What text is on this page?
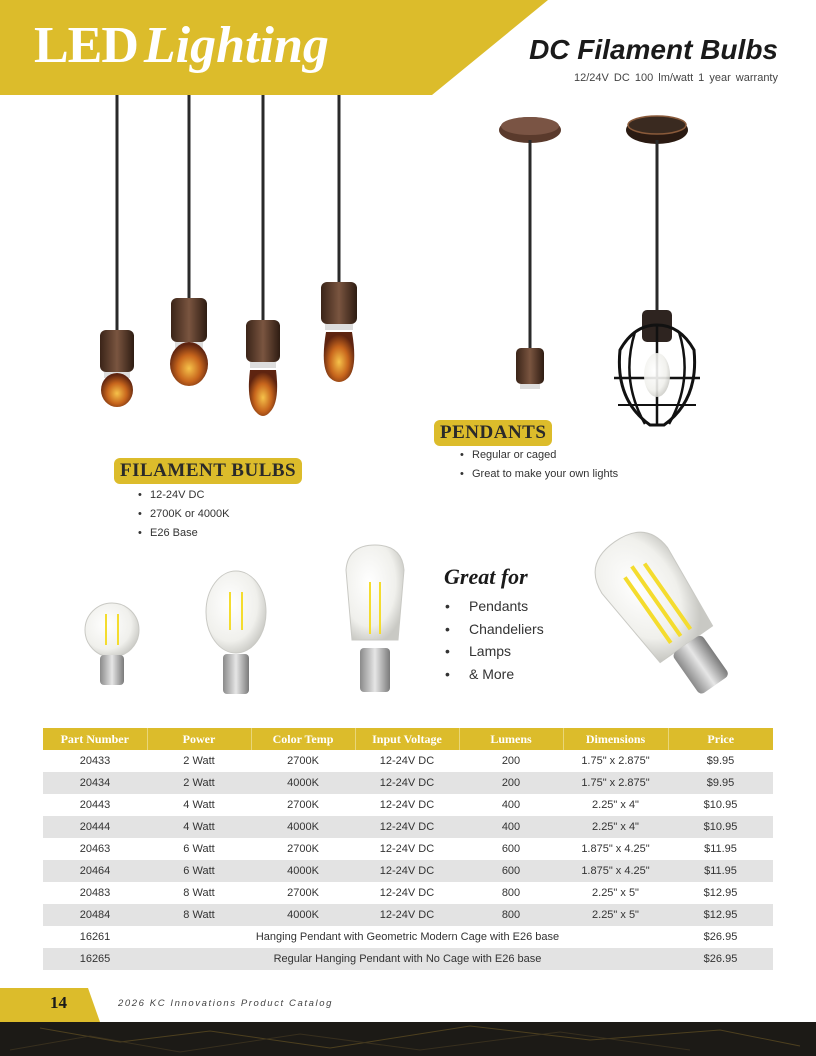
LED Lighting	DC Filament Bulbs
12/24V DC 100 lm/watt 1 year warranty
PENDANTS
• Regular or caged
• Great to make your own lights
FILAMENT BULBS
• 12-24V DC
• 2700K or 4000K
• E26 Base
Great for
• Pendants
• Chandeliers
• Lamps
• & More
Part Number	Power	Color Temp	Input Voltage	Lumens	Dimensions	Price
20433	2 Watt	2700K	12-24V DC	200	1.75" x 2.875"	$9.95
20434	2 Watt	4000K	12-24V DC	200	1.75" x 2.875"	$9.95
20443	4 Watt	2700K	12-24V DC	400	2.25" x 4"	$10.95
20444	4 Watt	4000K	12-24V DC	400	2.25" x 4"	$10.95
20463	6 Watt	2700K	12-24V DC	600	1.875" x 4.25"	$11.95
20464	6 Watt	4000K	12-24V DC	600	1.875" x 4.25"	$11.95
20483	8 Watt	2700K	12-24V DC	800	2.25" x 5"	$12.95
20484	8 Watt	4000K	12-24V DC	800	2.25" x 5"	$12.95
16261	Hanging Pendant with Geometric Modern Cage with E26 base					$26.95
16265	Regular Hanging Pendant with No Cage with E26 base					$26.95
14	2026 KC Innovations Product Catalog
